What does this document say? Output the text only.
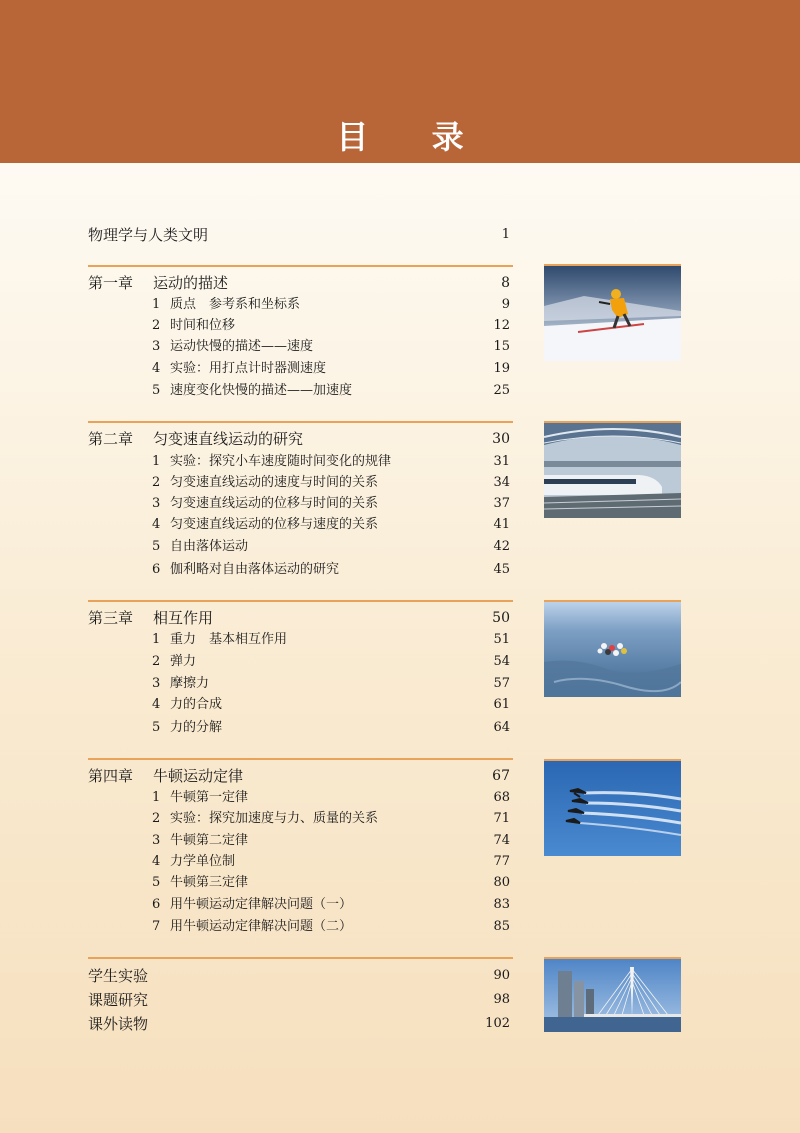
目 录
物理学与人类文明	1
第一章 运动的描述	8
1 质点　参考系和坐标系	9
2 时间和位移	12
3 运动快慢的描述——速度	15
4 实验：用打点计时器测速度	19
5 速度变化快慢的描述——加速度	25
第二章 匀变速直线运动的研究	30
1 实验：探究小车速度随时间变化的规律	31
2 匀变速直线运动的速度与时间的关系	34
3 匀变速直线运动的位移与时间的关系	37
4 匀变速直线运动的位移与速度的关系	41
5 自由落体运动	42
6 伽利略对自由落体运动的研究	45
第三章 相互作用	50
1 重力　基本相互作用	51
2 弹力	54
3 摩擦力	57
4 力的合成	61
5 力的分解	64
第四章 牛顿运动定律	67
1 牛顿第一定律	68
2 实验：探究加速度与力、质量的关系	71
3 牛顿第二定律	74
4 力学单位制	77
5 牛顿第三定律	80
6 用牛顿运动定律解决问题（一）	83
7 用牛顿运动定律解决问题（二）	85
学生实验	90
课题研究	98
课外读物	102
